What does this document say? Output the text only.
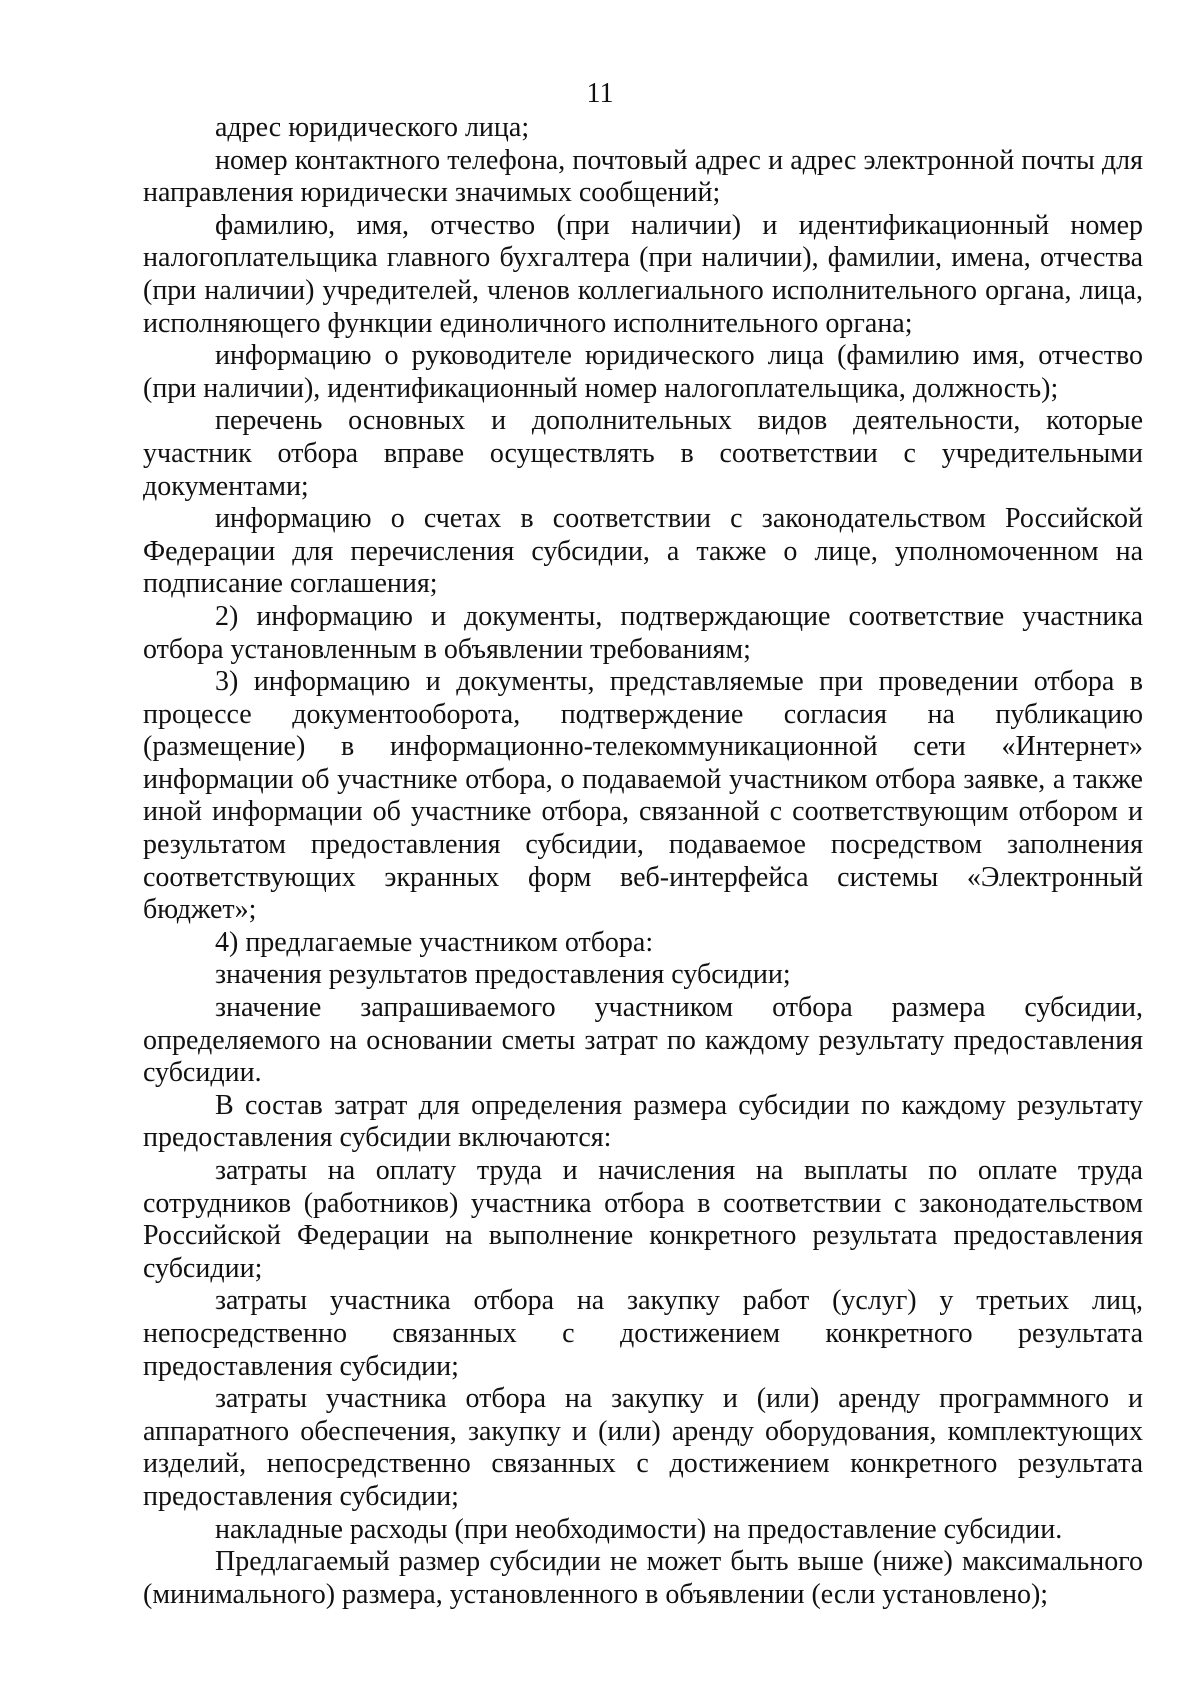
11

адрес юридического лица;

номер контактного телефона, почтовый адрес и адрес электронной почты для направления юридически значимых сообщений;

фамилию, имя, отчество (при наличии) и идентификационный номер налогоплательщика главного бухгалтера (при наличии), фамилии, имена, отчества (при наличии) учредителей, членов коллегиального исполнительного органа, лица, исполняющего функции единоличного исполнительного органа;

информацию о руководителе юридического лица (фамилию имя, отчество (при наличии), идентификационный номер налогоплательщика, должность);

перечень основных и дополнительных видов деятельности, которые участник отбора вправе осуществлять в соответствии с учредительными документами;

информацию о счетах в соответствии с законодательством Российской Федерации для перечисления субсидии, а также о лице, уполномоченном на подписание соглашения;

2) информацию и документы, подтверждающие соответствие участника отбора установленным в объявлении требованиям;

3) информацию и документы, представляемые при проведении отбора в процессе документооборота, подтверждение согласия на публикацию (размещение) в информационно-телекоммуникационной сети «Интернет» информации об участнике отбора, о подаваемой участником отбора заявке, а также иной информации об участнике отбора, связанной с соответствующим отбором и результатом предоставления субсидии, подаваемое посредством заполнения соответствующих экранных форм веб-интерфейса системы «Электронный бюджет»;

4) предлагаемые участником отбора:

значения результатов предоставления субсидии;

значение запрашиваемого участником отбора размера субсидии, определяемого на основании сметы затрат по каждому результату предоставления субсидии.

В состав затрат для определения размера субсидии по каждому результату предоставления субсидии включаются:

затраты на оплату труда и начисления на выплаты по оплате труда сотрудников (работников) участника отбора в соответствии с законодательством Российской Федерации на выполнение конкретного результата предоставления субсидии;

затраты участника отбора на закупку работ (услуг) у третьих лиц, непосредственно связанных с достижением конкретного результата предоставления субсидии;

затраты участника отбора на закупку и (или) аренду программного и аппаратного обеспечения, закупку и (или) аренду оборудования, комплектующих изделий, непосредственно связанных с достижением конкретного результата предоставления субсидии;

накладные расходы (при необходимости) на предоставление субсидии.

Предлагаемый размер субсидии не может быть выше (ниже) максимального (минимального) размера, установленного в объявлении (если установлено);
